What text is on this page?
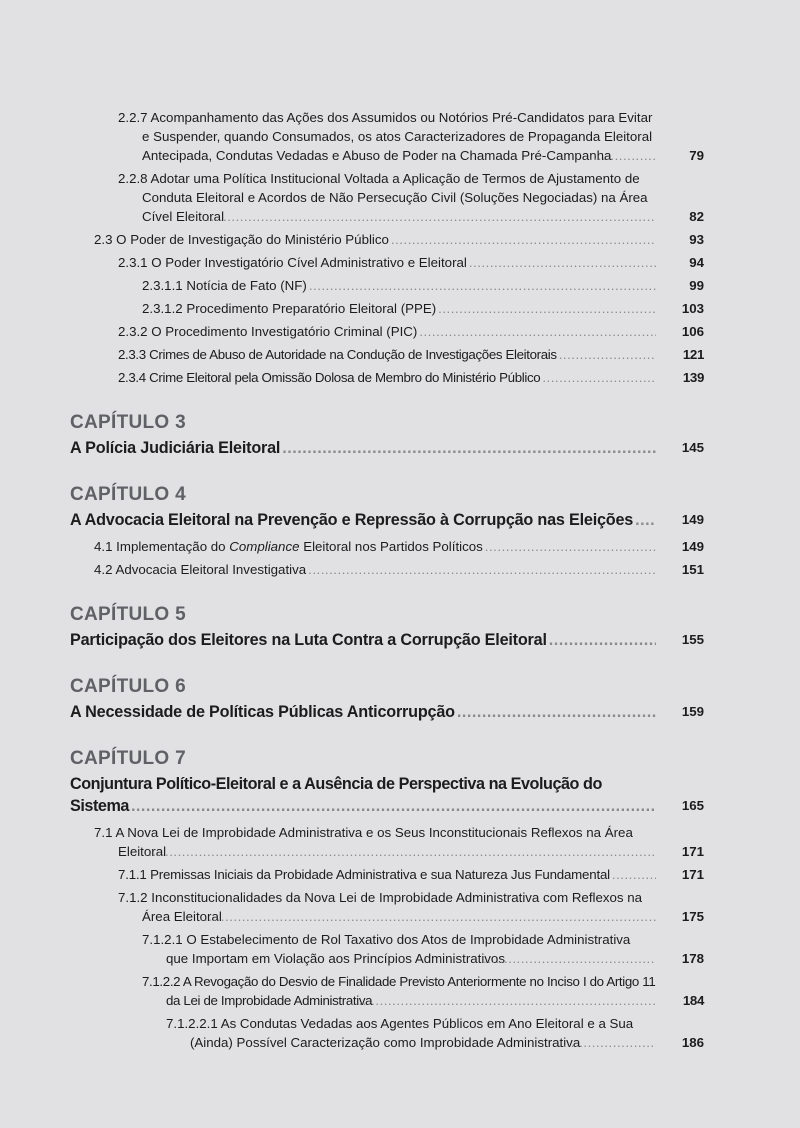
2.2.7 Acompanhamento das Ações dos Assumidos ou Notórios Pré-Candidatos para Evitar e Suspender, quando Consumados, os atos Caracterizadores de Propaganda Eleitoral Antecipada, Condutas Vedadas e Abuso de Poder na Chamada Pré-Campanha .....	79
2.2.8 Adotar uma Política Institucional Voltada a Aplicação de Termos de Ajustamento de Conduta Eleitoral e Acordos de Não Persecução Civil (Soluções Negociadas) na Área Cível Eleitoral .....	82
2.3 O Poder de Investigação do Ministério Público .....	93
2.3.1 O Poder Investigatório Cível Administrativo e Eleitoral .....	94
2.3.1.1 Notícia de Fato (NF) .....	99
2.3.1.2 Procedimento Preparatório Eleitoral (PPE) .....	103
2.3.2 O Procedimento Investigatório Criminal (PIC) .....	106
2.3.3 Crimes de Abuso de Autoridade na Condução de Investigações Eleitorais .....	121
2.3.4 Crime Eleitoral pela Omissão Dolosa de Membro do Ministério Público .....	139
CAPÍTULO 3
A Polícia Judiciária Eleitoral .....	145
CAPÍTULO 4
A Advocacia Eleitoral na Prevenção e Repressão à Corrupção nas Eleições .....	149
4.1 Implementação do Compliance Eleitoral nos Partidos Políticos .....	149
4.2 Advocacia Eleitoral Investigativa .....	151
CAPÍTULO 5
Participação dos Eleitores na Luta Contra a Corrupção Eleitoral .....	155
CAPÍTULO 6
A Necessidade de Políticas Públicas Anticorrupção .....	159
CAPÍTULO 7
Conjuntura Político-Eleitoral e a Ausência de Perspectiva na Evolução do Sistema .....	165
7.1 A Nova Lei de Improbidade Administrativa e os Seus Inconstitucionais Reflexos na Área Eleitoral .....	171
7.1.1 Premissas Iniciais da Probidade Administrativa e sua Natureza Jus Fundamental .....	171
7.1.2 Inconstitucionalidades da Nova Lei de Improbidade Administrativa com Reflexos na Área Eleitoral .....	175
7.1.2.1 O Estabelecimento de Rol Taxativo dos Atos de Improbidade Administrativa que Importam em Violação aos Princípios Administrativos .....	178
7.1.2.2 A Revogação do Desvio de Finalidade Previsto Anteriormente no Inciso I do Artigo 11 da Lei de Improbidade Administrativa .....	184
7.1.2.2.1 As Condutas Vedadas aos Agentes Públicos em Ano Eleitoral e a Sua (Ainda) Possível Caracterização como Improbidade Administrativa .....	186
